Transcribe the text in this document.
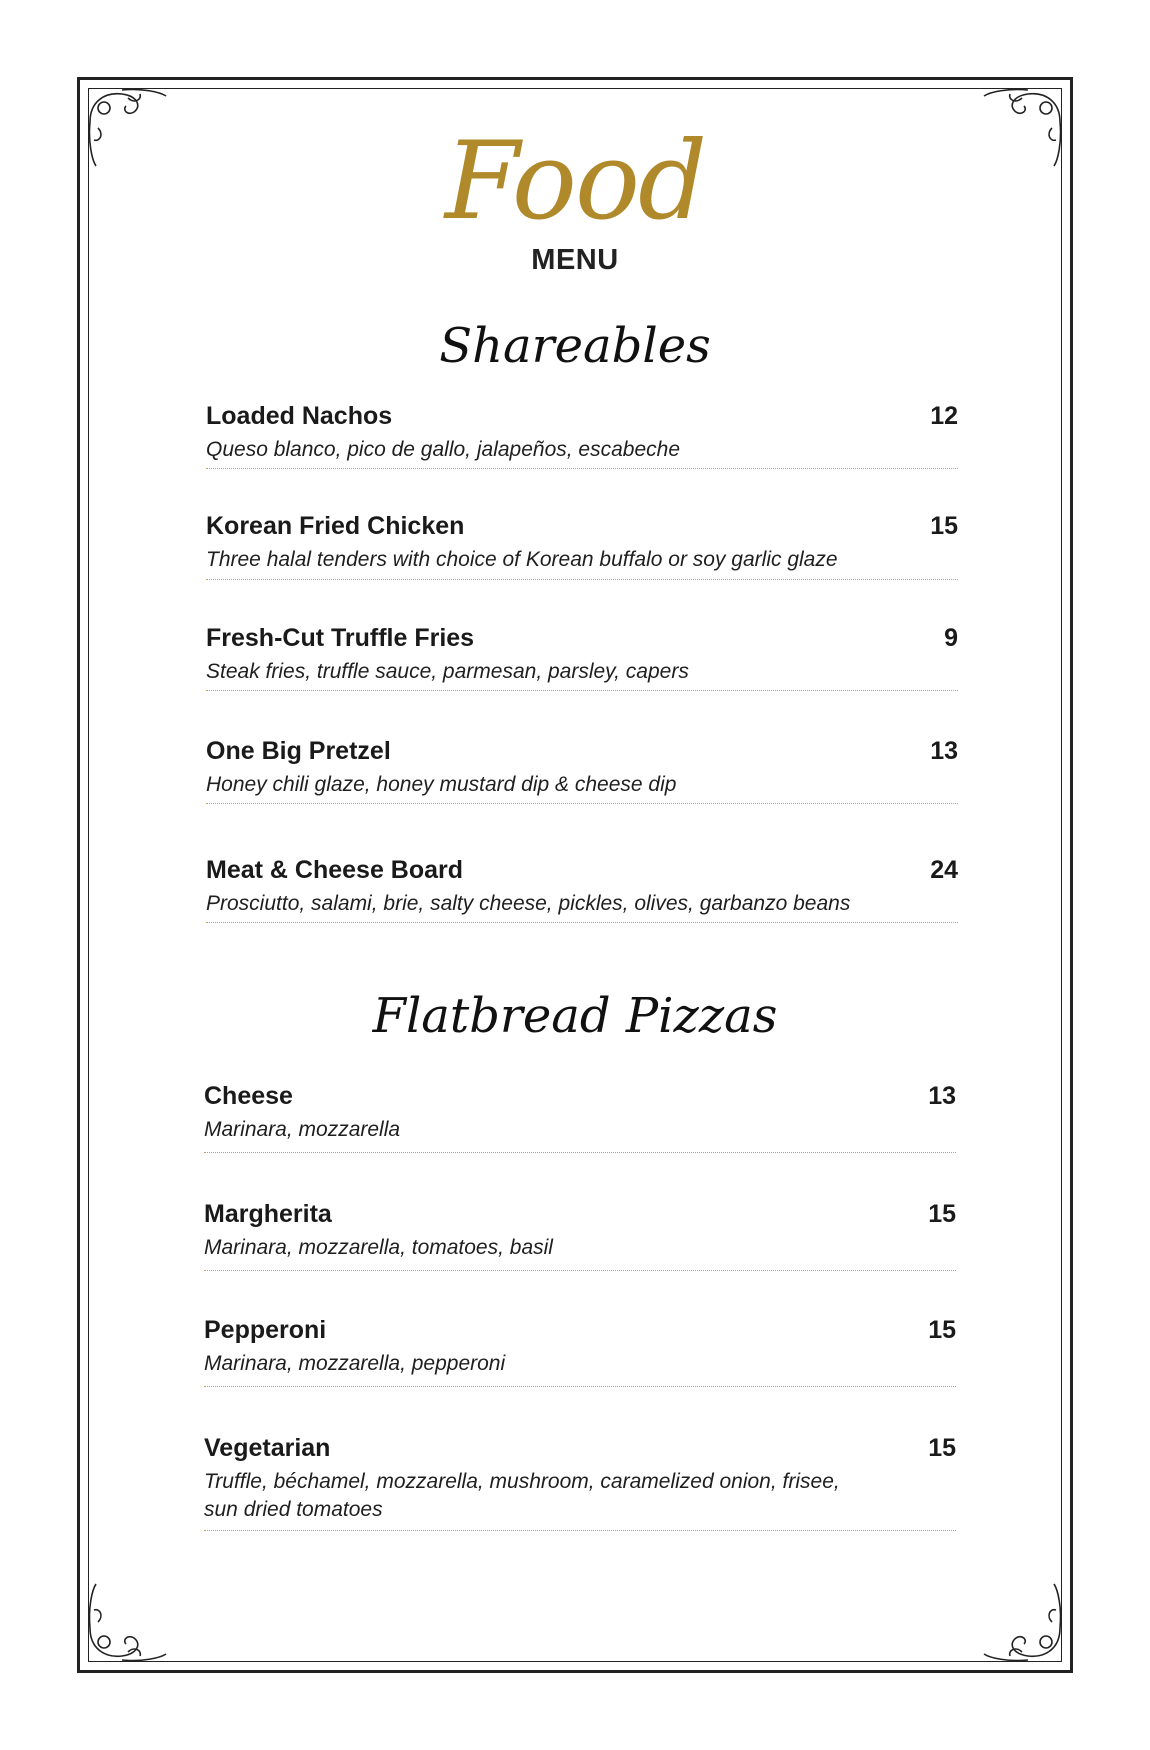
Food
MENU
Shareables
Loaded Nachos	12
Queso blanco, pico de gallo, jalapeños, escabeche
Korean Fried Chicken	15
Three halal tenders with choice of Korean buffalo or soy garlic glaze
Fresh-Cut Truffle Fries	9
Steak fries, truffle sauce, parmesan, parsley, capers
One Big Pretzel	13
Honey chili glaze, honey mustard dip & cheese dip
Meat & Cheese Board	24
Prosciutto, salami, brie, salty cheese, pickles, olives, garbanzo beans
Flatbread Pizzas
Cheese	13
Marinara, mozzarella
Margherita	15
Marinara, mozzarella, tomatoes, basil
Pepperoni	15
Marinara, mozzarella, pepperoni
Vegetarian	15
Truffle, béchamel, mozzarella, mushroom, caramelized onion, frisee, sun dried tomatoes
